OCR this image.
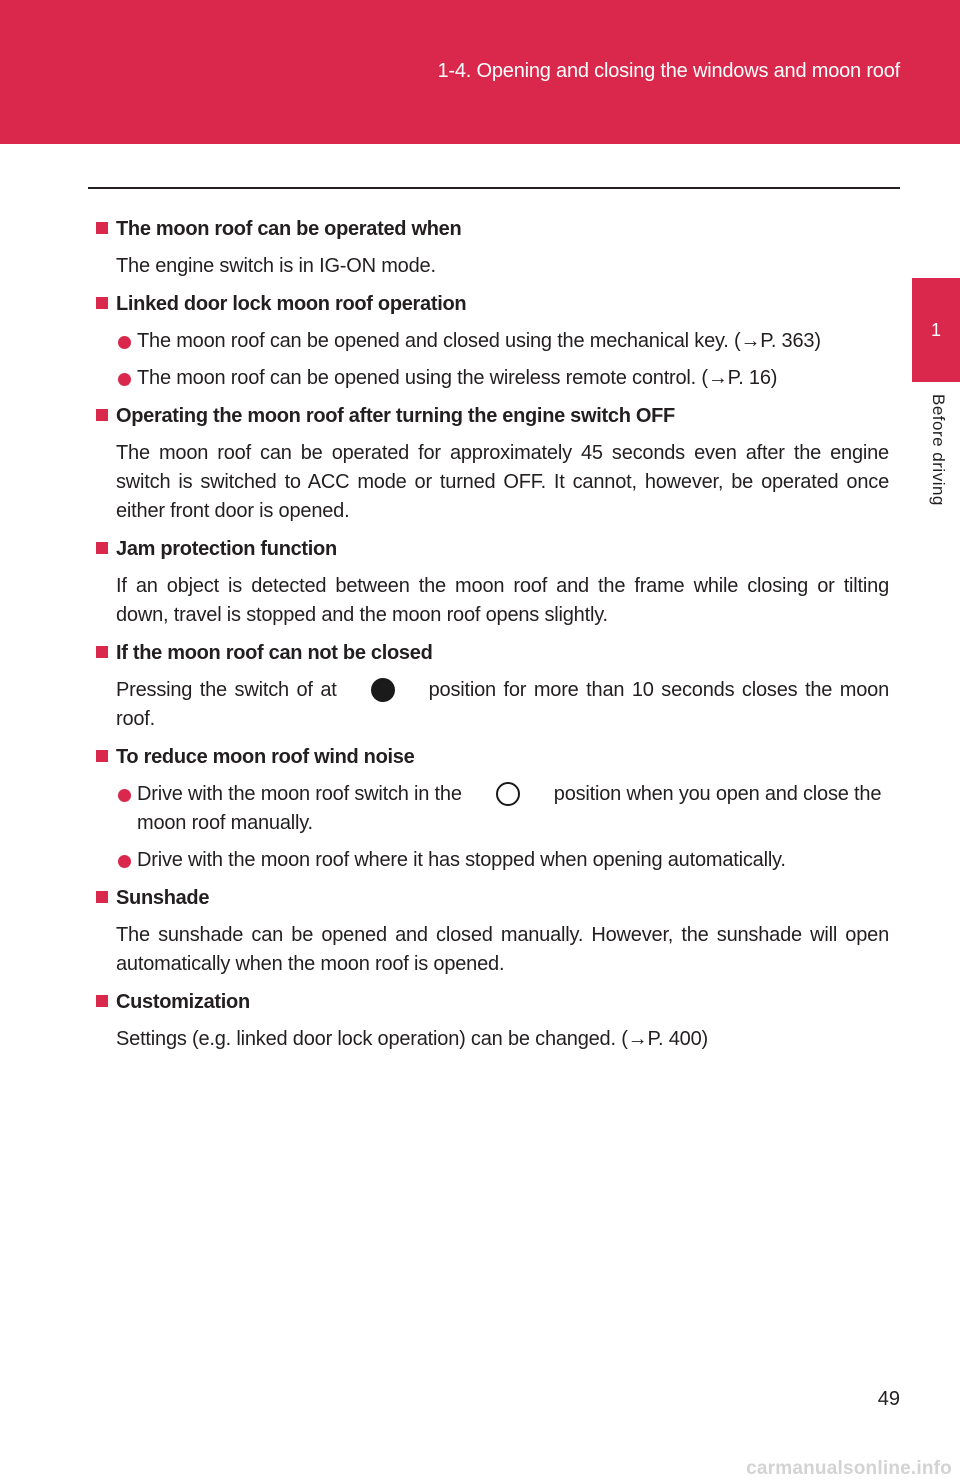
1-4. Opening and closing the windows and moon roof
1
Before driving
The moon roof can be operated when

The engine switch is in IG-ON mode.

Linked door lock moon roof operation
The moon roof can be opened and closed using the mechanical key. (→P. 363)
The moon roof can be opened using the wireless remote control. (→P. 16)
Operating the moon roof after turning the engine switch OFF

The moon roof can be operated for approximately 45 seconds even after the engine switch is switched to ACC mode or turned OFF. It cannot, however, be operated once either front door is opened.

Jam protection function

If an object is detected between the moon roof and the frame while closing or tilting down, travel is stopped and the moon roof opens slightly.

If the moon roof can not be closed

Pressing the switch of at	position for more than 10 seconds closes the moon roof.

To reduce moon roof wind noise
Drive with the moon roof switch in the	position when you open and close the moon roof manually.
Drive with the moon roof where it has stopped when opening automatically.
Sunshade

The sunshade can be opened and closed manually. However, the sunshade will open automatically when the moon roof is opened.

Customization

Settings (e.g. linked door lock operation) can be changed. (→P. 400)

49
carmanualsonline.info
